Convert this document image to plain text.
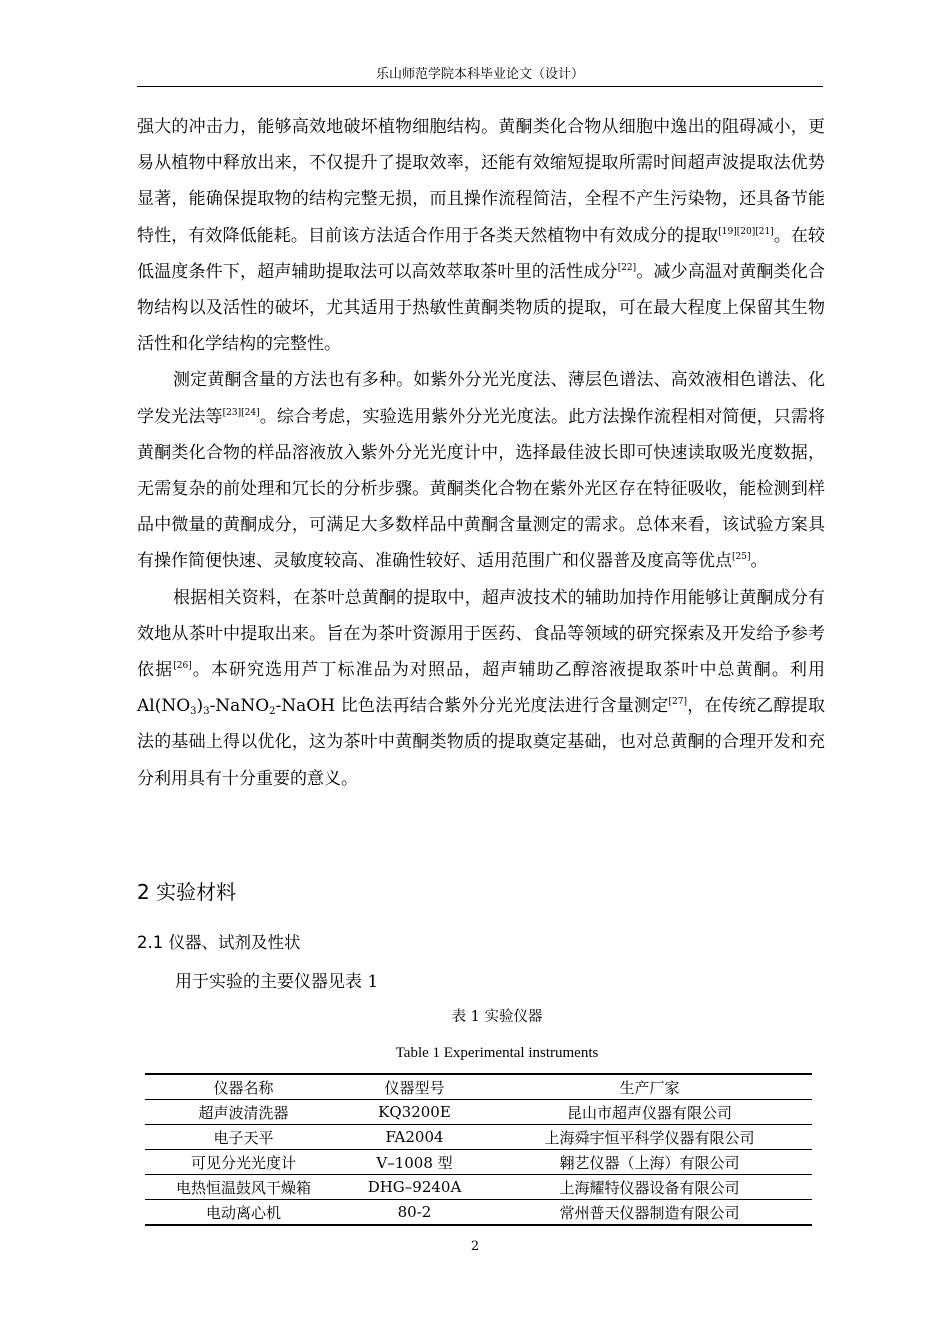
乐山师范学院本科毕业论文（设计）

强大的冲击力，能够高效地破坏植物细胞结构。黄酮类化合物从细胞中逸出的阻碍减小，更易从植物中释放出来，不仅提升了提取效率，还能有效缩短提取所需时间超声波提取法优势显著，能确保提取物的结构完整无损，而且操作流程简洁，全程不产生污染物，还具备节能特性，有效降低能耗。目前该方法适合作用于各类天然植物中有效成分的提取[19][20][21]。在较低温度条件下，超声辅助提取法可以高效萃取茶叶里的活性成分[22]。减少高温对黄酮类化合物结构以及活性的破坏，尤其适用于热敏性黄酮类物质的提取，可在最大程度上保留其生物活性和化学结构的完整性。

测定黄酮含量的方法也有多种。如紫外分光光度法、薄层色谱法、高效液相色谱法、化学发光法等[23][24]。综合考虑，实验选用紫外分光光度法。此方法操作流程相对简便，只需将黄酮类化合物的样品溶液放入紫外分光光度计中，选择最佳波长即可快速读取吸光度数据，无需复杂的前处理和冗长的分析步骤。黄酮类化合物在紫外光区存在特征吸收，能检测到样品中微量的黄酮成分，可满足大多数样品中黄酮含量测定的需求。总体来看，该试验方案具有操作简便快速、灵敏度较高、准确性较好、适用范围广和仪器普及度高等优点[25]。

根据相关资料，在茶叶总黄酮的提取中，超声波技术的辅助加持作用能够让黄酮成分有效地从茶叶中提取出来。旨在为茶叶资源用于医药、食品等领域的研究探索及开发给予参考依据[26]。本研究选用芦丁标准品为对照品，超声辅助乙醇溶液提取茶叶中总黄酮。利用 $Al(NO_3)_3-NaNO_2$-NaOH 比色法再结合紫外分光光度法进行含量测定[27]，在传统乙醇提取法的基础上得以优化，这为茶叶中黄酮类物质的提取奠定基础，也对总黄酮的合理开发和充分利用具有十分重要的意义。

2 实验材料
2.1 仪器、试剂及性状
用于实验的主要仪器见表 1
表 1 实验仪器
Table 1 Experimental instruments
仪器名称	仪器型号	生产厂家
超声波清洗器	KQ3200E	昆山市超声仪器有限公司
电子天平	FA2004	上海舜宇恒平科学仪器有限公司
可见分光光度计	V–1008 型	翱艺仪器（上海）有限公司
电热恒温鼓风干燥箱	DHG–9240A	上海耀特仪器设备有限公司
电动离心机	80-2	常州普天仪器制造有限公司
2
